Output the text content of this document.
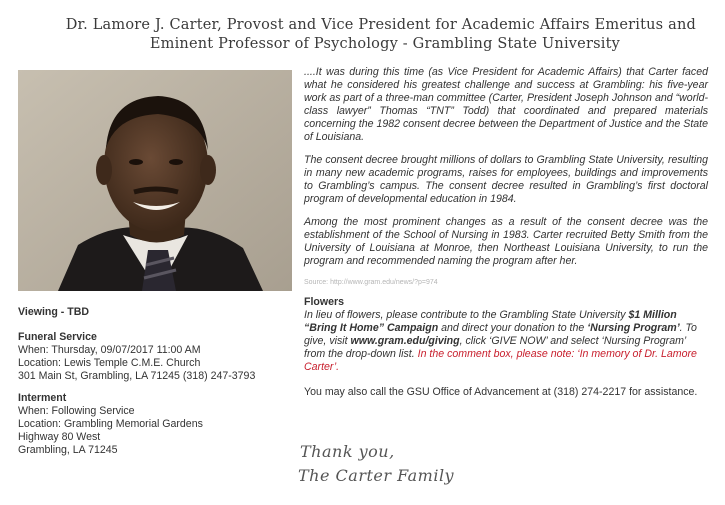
Dr. Lamore J. Carter, Provost and Vice President for Academic Affairs Emeritus and
Eminent Professor of Psychology - Grambling State University

....It was during this time (as Vice President for Academic Affairs) that Carter faced what he considered his greatest challenge and success at Grambling: his five-year work as part of a three-man committee (Carter, President Joseph Johnson and “world-class lawyer” Thomas “TNT” Todd) that coordinated and prepared materials concerning the 1982 consent decree between the Department of Justice and the State of Louisiana.

The consent decree brought millions of dollars to Grambling State University, resulting in many new academic programs, raises for employees, buildings and improvements to Grambling’s campus. The consent decree resulted in Grambling’s first doctoral program of developmental education in 1984.

Among the most prominent changes as a result of the consent decree was the establishment of the School of Nursing in 1983. Carter recruited Betty Smith from the University of Louisiana at Monroe, then Northeast Louisiana University, to run the program and recommended naming the program after her.

Source: http://www.gram.edu/news/?p=974
Flowers
In lieu of flowers, please contribute to the Grambling State University $1 Million “Bring It Home” Campaign and direct your donation to the ‘Nursing Program’. To give, visit www.gram.edu/giving, click ‘GIVE NOW’ and select ‘Nursing Program’ from the drop-down list. In the comment box, please note: ‘In memory of Dr. Lamore Carter’.
You may also call the GSU Office of Advancement at (318) 274-2217 for assistance.
Viewing - TBD
Funeral Service
When: Thursday, 09/07/2017 11:00 AM
Location: Lewis Temple C.M.E. Church
301 Main St, Grambling, LA 71245 (318) 247-3793
Interment
When: Following Service
Location: Grambling Memorial Gardens
Highway 80 West
Grambling, LA 71245	Thank you,
The Carter Family
